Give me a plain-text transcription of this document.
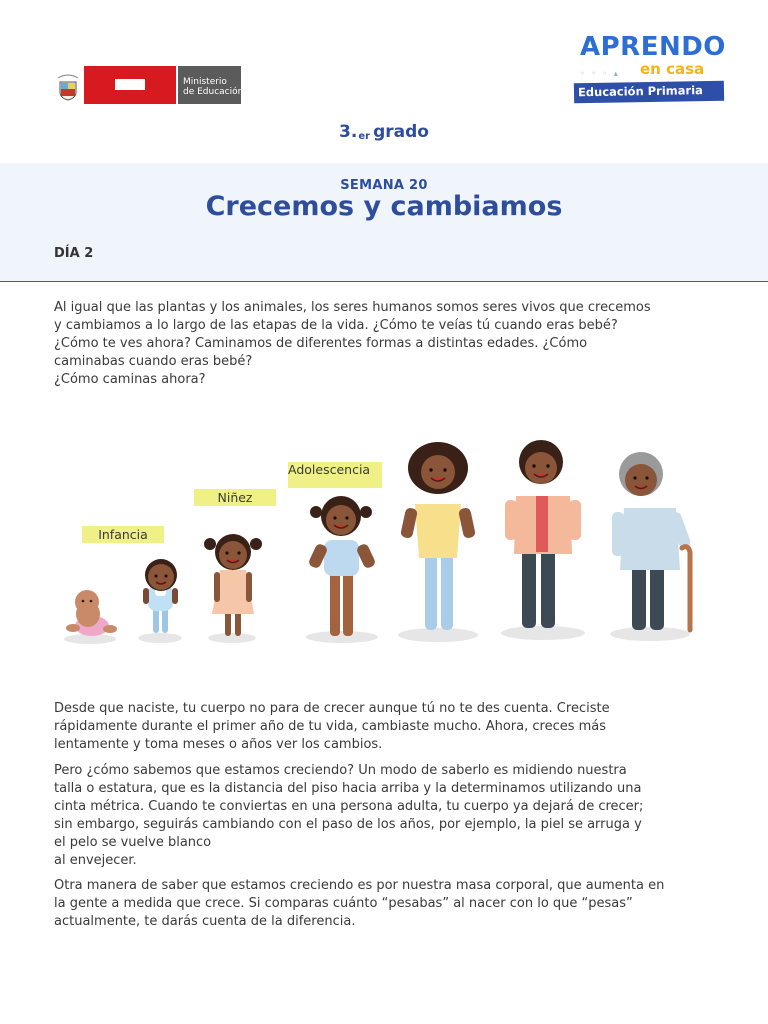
Ministerio
de Educación
APRENDO
◦ ◦ ◦ ▴ en casa
Educación Primaria
$3._{er}$ grado
SEMANA 20
Crecemos y cambiamos
DÍA 2
Al igual que las plantas y los animales, los seres humanos somos seres vivos que crecemos
y cambiamos a lo largo de las etapas de la vida. ¿Cómo te veías tú cuando eras bebé?
¿Cómo te ves ahora? Caminamos de diferentes formas a distintas edades. ¿Cómo
caminabas cuando eras bebé?
¿Cómo caminas ahora?
Infancia
Niñez
Adolescencia
Desde que naciste, tu cuerpo no para de crecer aunque tú no te des cuenta. Creciste
rápidamente durante el primer año de tu vida, cambiaste mucho. Ahora, creces más
lentamente y toma meses o años ver los cambios.
Pero ¿cómo sabemos que estamos creciendo? Un modo de saberlo es midiendo nuestra
talla o estatura, que es la distancia del piso hacia arriba y la determinamos utilizando una
cinta métrica. Cuando te conviertas en una persona adulta, tu cuerpo ya dejará de crecer;
sin embargo, seguirás cambiando con el paso de los años, por ejemplo, la piel se arruga y
el pelo se vuelve blanco
al envejecer.
Otra manera de saber que estamos creciendo es por nuestra masa corporal, que aumenta en
la gente a medida que crece. Si comparas cuánto “pesabas” al nacer con lo que “pesas”
actualmente, te darás cuenta de la diferencia.
